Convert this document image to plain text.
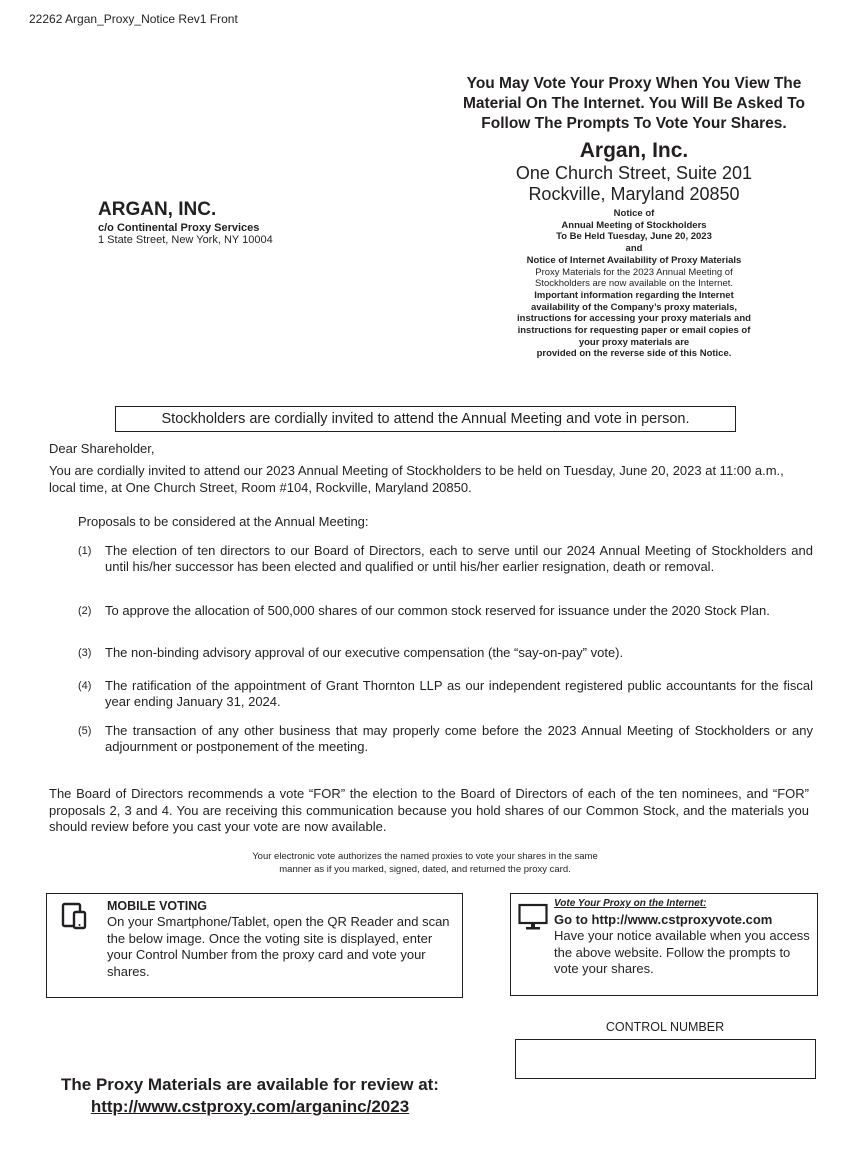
22262 Argan_Proxy_Notice Rev1 Front
You May Vote Your Proxy When You View The
Material On The Internet. You Will Be Asked To
Follow The Prompts To Vote Your Shares.
Argan, Inc.
One Church Street, Suite 201
Rockville, Maryland 20850
Notice of
Annual Meeting of Stockholders
To Be Held Tuesday, June 20, 2023
and
Notice of Internet Availability of Proxy Materials
Proxy Materials for the 2023 Annual Meeting of
Stockholders are now available on the Internet.
Important information regarding the Internet
availability of the Company’s proxy materials,
instructions for accessing your proxy materials and
instructions for requesting paper or email copies of
your proxy materials are
provided on the reverse side of this Notice.
ARGAN, INC.
c/o Continental Proxy Services
1 State Street, New York, NY 10004
Stockholders are cordially invited to attend the Annual Meeting and vote in person.
Dear Shareholder,
You are cordially invited to attend our 2023 Annual Meeting of Stockholders to be held on Tuesday, June 20, 2023 at 11:00 a.m., local time, at One Church Street, Room #104, Rockville, Maryland 20850.
Proposals to be considered at the Annual Meeting:
(1)	The election of ten directors to our Board of Directors, each to serve until our 2024 Annual Meeting of Stockholders and until his/her successor has been elected and qualified or until his/her earlier resignation, death or removal.
(2)	To approve the allocation of 500,000 shares of our common stock reserved for issuance under the 2020 Stock Plan.
(3)	The non-binding advisory approval of our executive compensation (the “say-on-pay” vote).
(4)	The ratification of the appointment of Grant Thornton LLP as our independent registered public accountants for the fiscal year ending January 31, 2024.
(5)	The transaction of any other business that may properly come before the 2023 Annual Meeting of Stockholders or any adjournment or postponement of the meeting.
The Board of Directors recommends a vote “FOR” the election to the Board of Directors of each of the ten nominees, and “FOR” proposals 2, 3 and 4. You are receiving this communication because you hold shares of our Common Stock, and the materials you should review before you cast your vote are now available.
Your electronic vote authorizes the named proxies to vote your shares in the same
manner as if you marked, signed, dated, and returned the proxy card.
MOBILE VOTING
On your Smartphone/Tablet, open the QR Reader and scan the below image. Once the voting site is displayed, enter your Control Number from the proxy card and vote your shares.
Vote Your Proxy on the Internet:
Go to http://www.cstproxyvote.com
Have your notice available when you access the above website. Follow the prompts to vote your shares.
CONTROL NUMBER
The Proxy Materials are available for review at:
http://www.cstproxy.com/arganinc/2023
